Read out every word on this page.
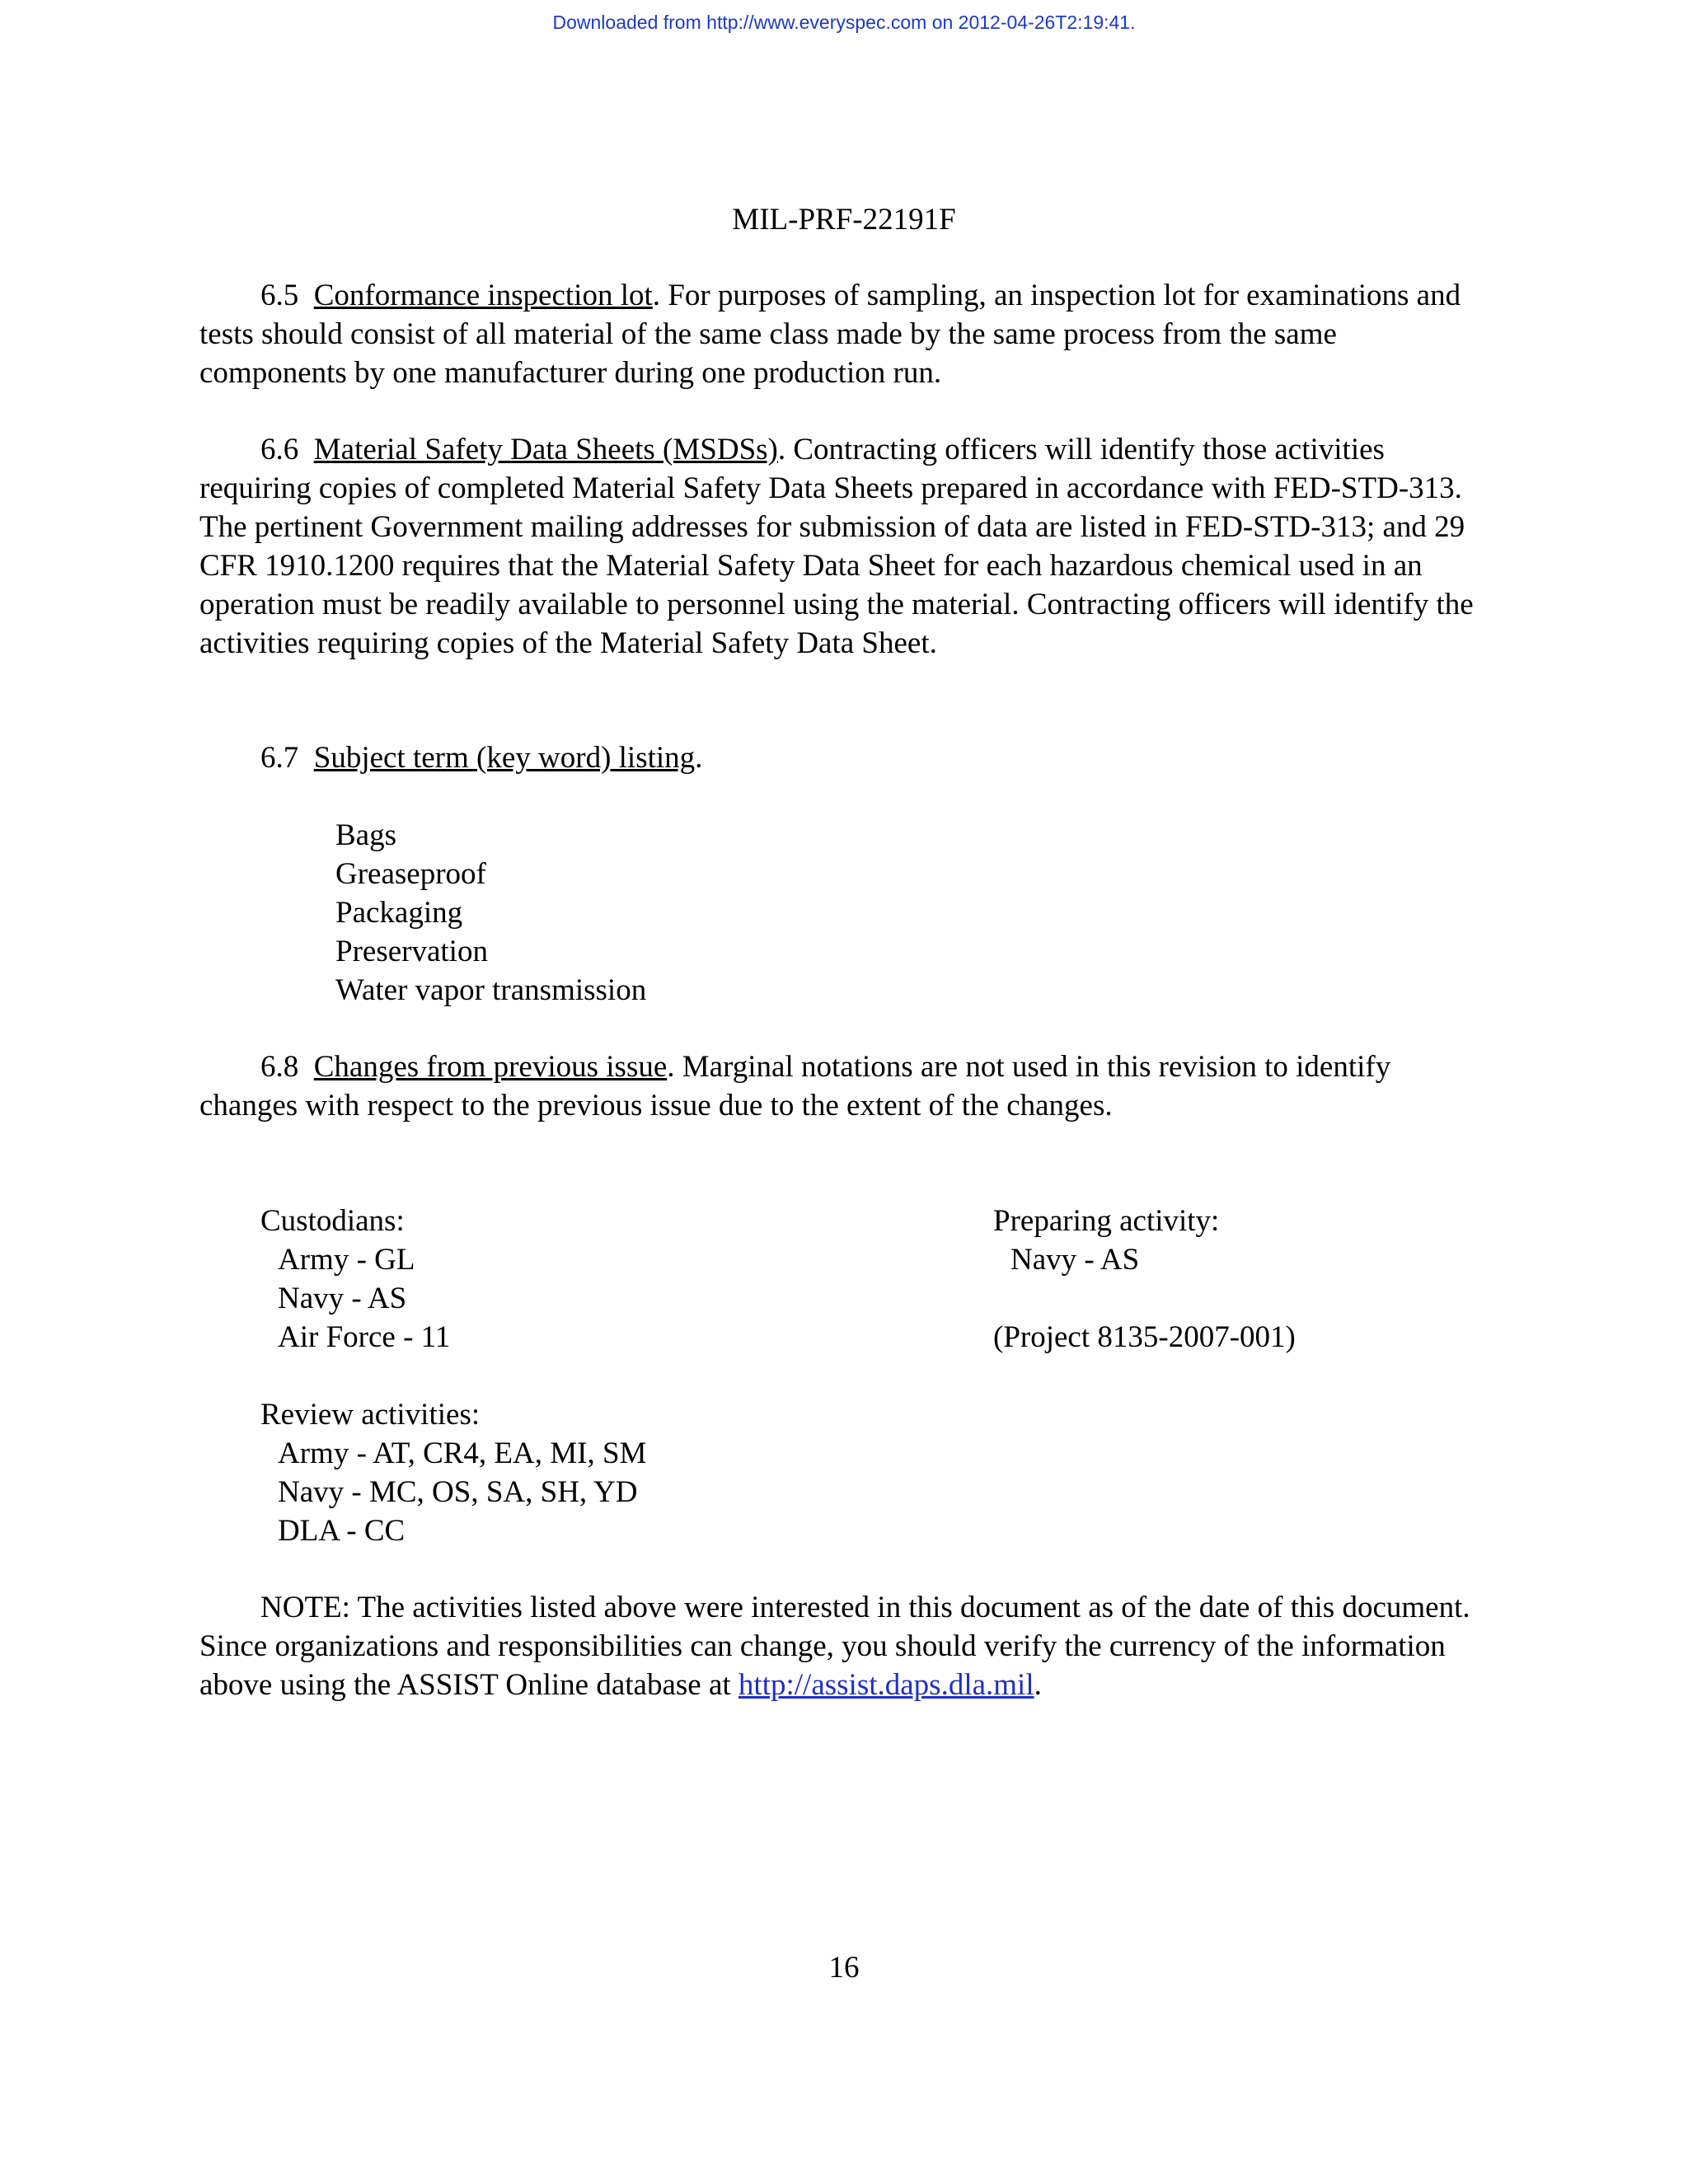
Downloaded from http://www.everyspec.com on 2012-04-26T2:19:41.
MIL-PRF-22191F

6.5 Conformance inspection lot. For purposes of sampling, an inspection lot for examinations and tests should consist of all material of the same class made by the same process from the same components by one manufacturer during one production run.

6.6 Material Safety Data Sheets (MSDSs). Contracting officers will identify those activities requiring copies of completed Material Safety Data Sheets prepared in accordance with FED-STD-313. The pertinent Government mailing addresses for submission of data are listed in FED-STD-313; and 29 CFR 1910.1200 requires that the Material Safety Data Sheet for each hazardous chemical used in an operation must be readily available to personnel using the material. Contracting officers will identify the activities requiring copies of the Material Safety Data Sheet.

6.7 Subject term (key word) listing.

Bags
Greaseproof
Packaging
Preservation
Water vapor transmission

6.8 Changes from previous issue. Marginal notations are not used in this revision to identify changes with respect to the previous issue due to the extent of the changes.

Custodians:
Army - GL
Navy - AS
Air Force - 11
Preparing activity:
Navy - AS
(Project 8135-2007-001)
Review activities:
Army - AT, CR4, EA, MI, SM
Navy - MC, OS, SA, SH, YD
DLA - CC

NOTE: The activities listed above were interested in this document as of the date of this document. Since organizations and responsibilities can change, you should verify the currency of the information above using the ASSIST Online database at http://assist.daps.dla.mil.

16
